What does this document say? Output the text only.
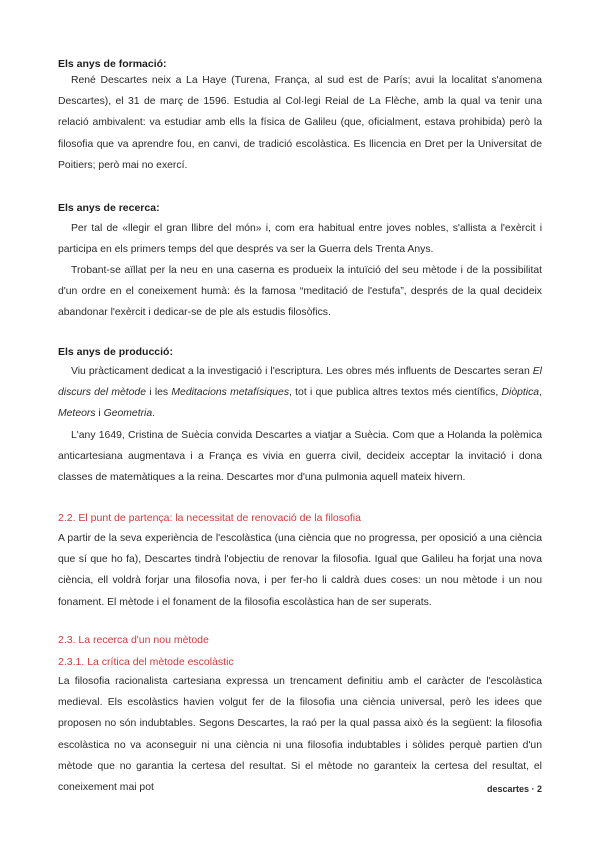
Els anys de formació:

René Descartes neix a La Haye (Turena, França, al sud est de París; avui la localitat s'anomena Descartes), el 31 de març de 1596. Estudia al Col·legi Reial de La Flèche, amb la qual va tenir una relació ambivalent: va estudiar amb ells la física de Galileu (que, oficialment, estava prohibida) però la filosofia que va aprendre fou, en canvi, de tradició escolàstica. Es llicencia en Dret per la Universitat de Poitiers; però mai no exercí.

Els anys de recerca:

Per tal de «llegir el gran llibre del món» i, com era habitual entre joves nobles, s'allista a l'exèrcit i participa en els primers temps del que després va ser la Guerra dels Trenta Anys.

Trobant-se aïllat per la neu en una caserna es produeix la intuïció del seu mètode i de la possibilitat d'un ordre en el coneixement humà: és la famosa “meditació de l'estufa”, després de la qual decideix abandonar l'exèrcit i dedicar-se de ple als estudis filosòfics.

Els anys de producció:

Viu pràcticament dedicat a la investigació i l'escriptura. Les obres més influents de Descartes seran El discurs del mètode i les Meditacions metafísiques, tot i que publica altres textos més científics, Diòptica, Meteors i Geometria.

L'any 1649, Cristina de Suècia convida Descartes a viatjar a Suècia. Com que a Holanda la polèmica anticartesiana augmentava i a França es vivia en guerra civil, decideix acceptar la invitació i dona classes de matemàtiques a la reina. Descartes mor d'una pulmonia aquell mateix hivern.

2.2. El punt de partença: la necessitat de renovació de la filosofia

A partir de la seva experiència de l'escolàstica (una ciència que no progressa, per oposició a una ciència que sí que ho fa), Descartes tindrà l'objectiu de renovar la filosofia. Igual que Galileu ha forjat una nova ciència, ell voldrà forjar una filosofia nova, i per fer-ho li caldrà dues coses: un nou mètode i un nou fonament. El mètode i el fonament de la filosofia escolàstica han de ser superats.

2.3. La recerca d'un nou mètode
2.3.1. La crítica del mètode escolàstic

La filosofia racionalista cartesiana expressa un trencament definitiu amb el caràcter de l'escolàstica medieval. Els escolàstics havien volgut fer de la filosofia una ciència universal, però les idees que proposen no són indubtables. Segons Descartes, la raó per la qual passa això és la següent: la filosofia escolàstica no va aconseguir ni una ciència ni una filosofia indubtables i sòlides perquè partien d'un mètode que no garantia la certesa del resultat. Si el mètode no garanteix la certesa del resultat, el coneixement mai pot	descartes · 2
